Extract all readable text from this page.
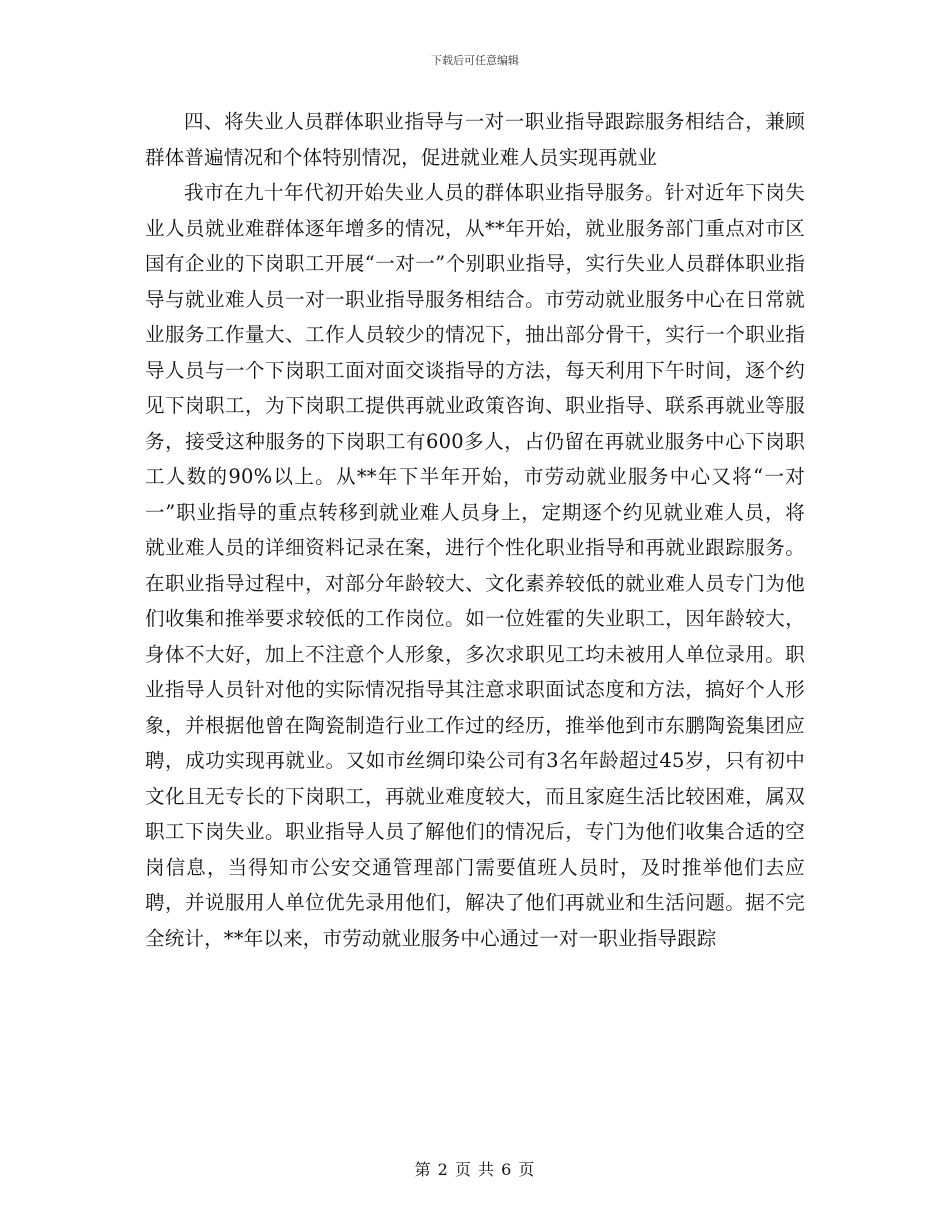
下载后可任意编辑

四、将失业人员群体职业指导与一对一职业指导跟踪服务相结合，兼顾群体普遍情况和个体特别情况，促进就业难人员实现再就业

我市在九十年代初开始失业人员的群体职业指导服务。针对近年下岗失业人员就业难群体逐年增多的情况，从**年开始，就业服务部门重点对市区国有企业的下岗职工开展“一对一”个别职业指导，实行失业人员群体职业指导与就业难人员一对一职业指导服务相结合。市劳动就业服务中心在日常就业服务工作量大、工作人员较少的情况下，抽出部分骨干，实行一个职业指导人员与一个下岗职工面对面交谈指导的方法，每天利用下午时间，逐个约见下岗职工，为下岗职工提供再就业政策咨询、职业指导、联系再就业等服务，接受这种服务的下岗职工有600多人，占仍留在再就业服务中心下岗职工人数的90%以上。从**年下半年开始，市劳动就业服务中心又将“一对一”职业指导的重点转移到就业难人员身上，定期逐个约见就业难人员，将就业难人员的详细资料记录在案，进行个性化职业指导和再就业跟踪服务。在职业指导过程中，对部分年龄较大、文化素养较低的就业难人员专门为他们收集和推举要求较低的工作岗位。如一位姓霍的失业职工，因年龄较大，身体不大好，加上不注意个人形象，多次求职见工均未被用人单位录用。职业指导人员针对他的实际情况指导其注意求职面试态度和方法，搞好个人形象，并根据他曾在陶瓷制造行业工作过的经历，推举他到市东鹏陶瓷集团应聘，成功实现再就业。又如市丝绸印染公司有3名年龄超过45岁，只有初中文化且无专长的下岗职工，再就业难度较大，而且家庭生活比较困难，属双职工下岗失业。职业指导人员了解他们的情况后，专门为他们收集合适的空岗信息，当得知市公安交通管理部门需要值班人员时，及时推举他们去应聘，并说服用人单位优先录用他们，解决了他们再就业和生活问题。据不完全统计，**年以来，市劳动就业服务中心通过一对一职业指导跟踪

第 2 页 共 6 页
